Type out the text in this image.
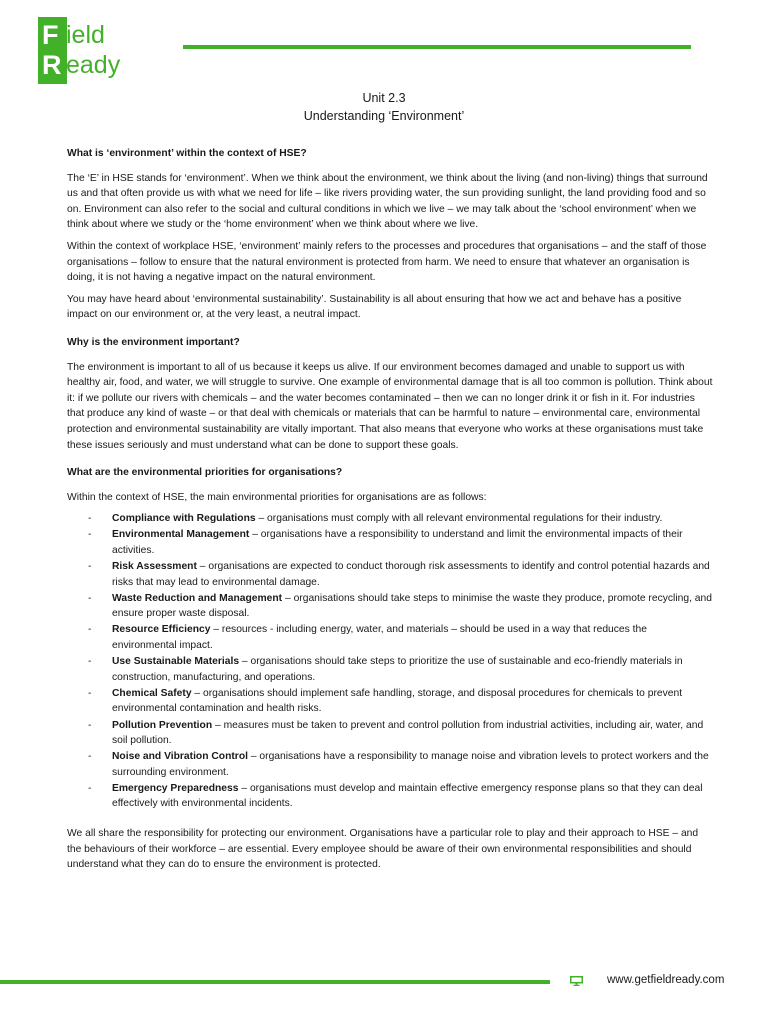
F ield
R eady
Unit 2.3
Understanding ‘Environment’
What is ‘environment’ within the context of HSE?

The ‘E’ in HSE stands for ‘environment’. When we think about the environment, we think about the living (and non-living) things that surround us and that often provide us with what we need for life – like rivers providing water, the sun providing sunlight, the land providing food and so on. Environment can also refer to the social and cultural conditions in which we live – we may talk about the ‘school environment’ when we think about where we study or the ‘home environment’ when we think about where we live.

Within the context of workplace HSE, ‘environment’ mainly refers to the processes and procedures that organisations – and the staff of those organisations – follow to ensure that the natural environment is protected from harm. We need to ensure that whatever an organisation is doing, it is not having a negative impact on the natural environment.

You may have heard about ‘environmental sustainability’. Sustainability is all about ensuring that how we act and behave has a positive impact on our environment or, at the very least, a neutral impact.

Why is the environment important?

The environment is important to all of us because it keeps us alive. If our environment becomes damaged and unable to support us with healthy air, food, and water, we will struggle to survive. One example of environmental damage that is all too common is pollution. Think about it: if we pollute our rivers with chemicals – and the water becomes contaminated – then we can no longer drink it or fish in it. For industries that produce any kind of waste – or that deal with chemicals or materials that can be harmful to nature – environmental care, environmental protection and environmental sustainability are vitally important. That also means that everyone who works at these organisations must take these issues seriously and must understand what can be done to support these goals.

What are the environmental priorities for organisations?

Within the context of HSE, the main environmental priorities for organisations are as follows:

- Compliance with Regulations – organisations must comply with all relevant environmental regulations for their industry.
- Environmental Management – organisations have a responsibility to understand and limit the environmental impacts of their activities.
- Risk Assessment – organisations are expected to conduct thorough risk assessments to identify and control potential hazards and risks that may lead to environmental damage.
- Waste Reduction and Management – organisations should take steps to minimise the waste they produce, promote recycling, and ensure proper waste disposal.
- Resource Efficiency – resources - including energy, water, and materials – should be used in a way that reduces the environmental impact.
- Use Sustainable Materials – organisations should take steps to prioritize the use of sustainable and eco-friendly materials in construction, manufacturing, and operations.
- Chemical Safety – organisations should implement safe handling, storage, and disposal procedures for chemicals to prevent environmental contamination and health risks.
- Pollution Prevention – measures must be taken to prevent and control pollution from industrial activities, including air, water, and soil pollution.
- Noise and Vibration Control – organisations have a responsibility to manage noise and vibration levels to protect workers and the surrounding environment.
- Emergency Preparedness – organisations must develop and maintain effective emergency response plans so that they can deal effectively with environmental incidents.

We all share the responsibility for protecting our environment. Organisations have a particular role to play and their approach to HSE – and the behaviours of their workforce – are essential. Every employee should be aware of their own environmental responsibilities and should understand what they can do to ensure the environment is protected.

www.getfieldready.com
